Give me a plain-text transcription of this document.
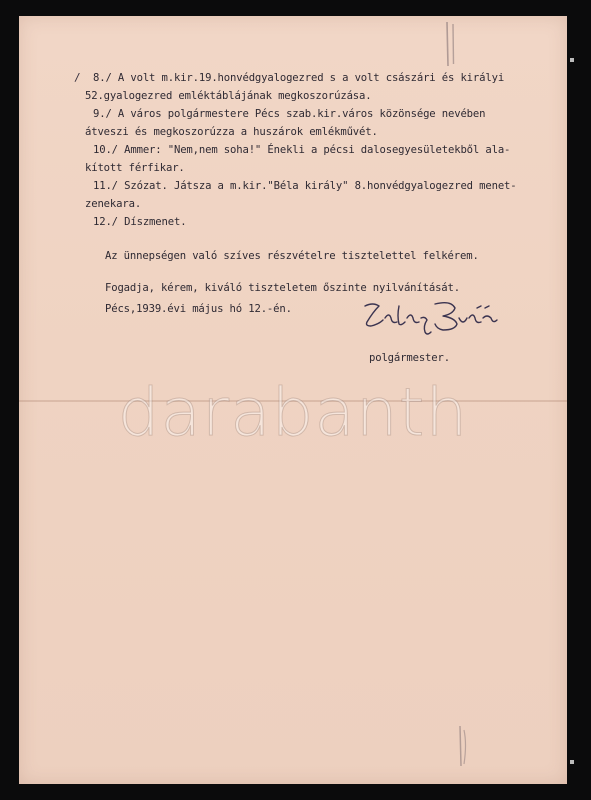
/ 8./ A volt m.kir.19.honvédgyalogezred s a volt császári és királyi

52.gyalogezred emléktáblájának megkoszorúzása.

9./ A város polgármestere Pécs szab.kir.város közönsége nevében

átveszi és megkoszorúzza a huszárok emlékművét.

10./ Ammer: "Nem,nem soha!" Énekli a pécsi dalosegyesületekből ala-

kított férfikar.

11./ Szózat. Játsza a m.kir."Béla király" 8.honvédgyalogezred menet-

zenekara.

12./ Díszmenet.

Az ünnepségen való szíves részvételre tisztelettel felkérem.

Fogadja, kérem, kiváló tiszteletem őszinte nyilvánítását.

Pécs,1939.évi május hó 12.-én.

polgármester.

darabanth
